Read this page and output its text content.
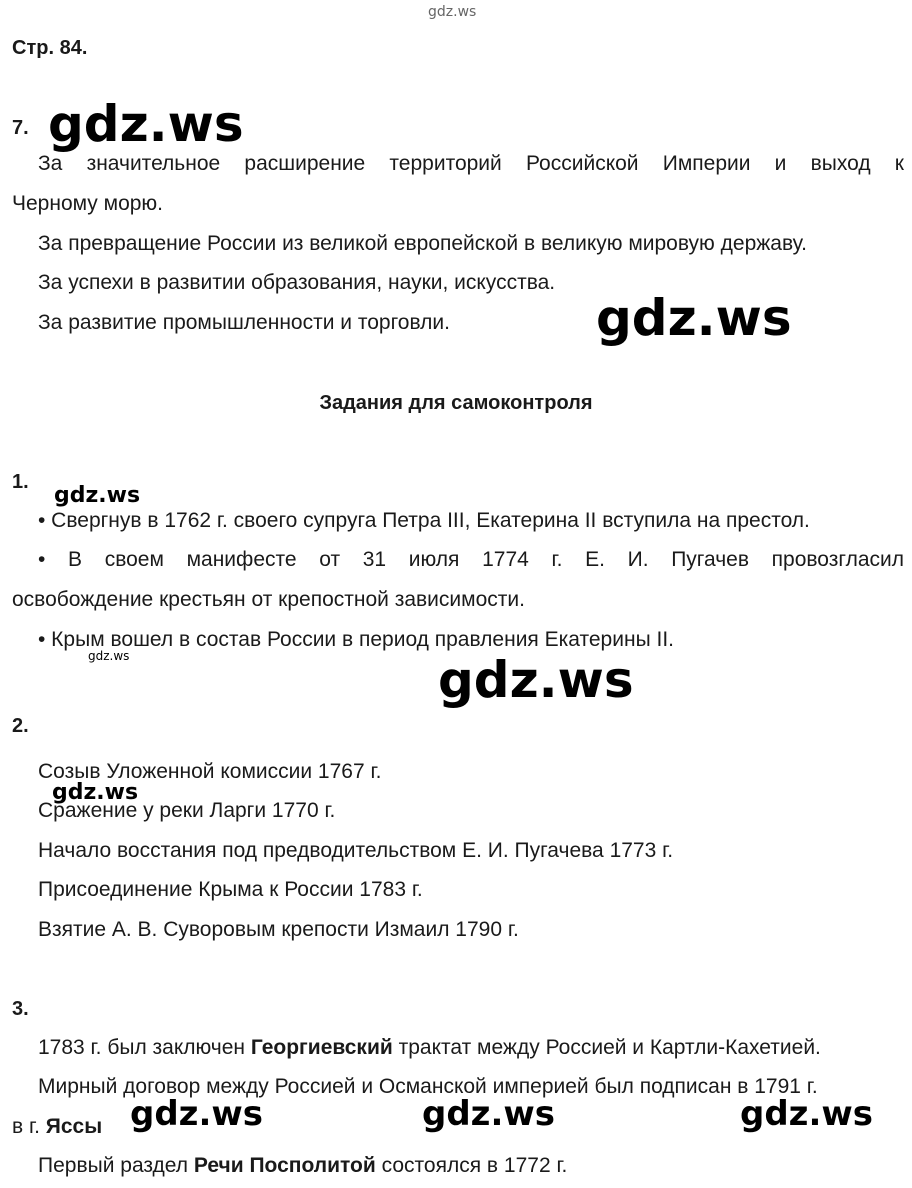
gdz.ws
Стр. 84.
7. gdz.ws
За значительное расширение территорий Российской Империи и выход к
Черному морю.
За превращение России из великой европейской в великую мировую державу.
За успехи в развитии образования, науки, искусства.
За развитие промышленности и торговли.	gdz.ws
Задания для самоконтроля
1.
gdz.ws
• Свергнув в 1762 г. своего супруга Петра III, Екатерина II вступила на престол.
• В своем манифесте от 31 июля 1774 г. Е. И. Пугачев провозгласил
освобождение крестьян от крепостной зависимости.
• Крым вошел в состав России в период правления Екатерины II.
gdz.ws	gdz.ws
2.
Созыв Уложенной комиссии 1767 г.
gdz.ws
Сражение у реки Ларги 1770 г.
Начало восстания под предводительством Е. И. Пугачева 1773 г.
Присоединение Крыма к России 1783 г.
Взятие А. В. Суворовым крепости Измаил 1790 г.
3.
1783 г. был заключен Георгиевский трактат между Россией и Картли-Кахетией.
Мирный договор между Россией и Османской империей был подписан в 1791 г.
в г. Яссы gdz.ws	gdz.ws	gdz.ws
Первый раздел Речи Посполитой состоялся в 1772 г.
